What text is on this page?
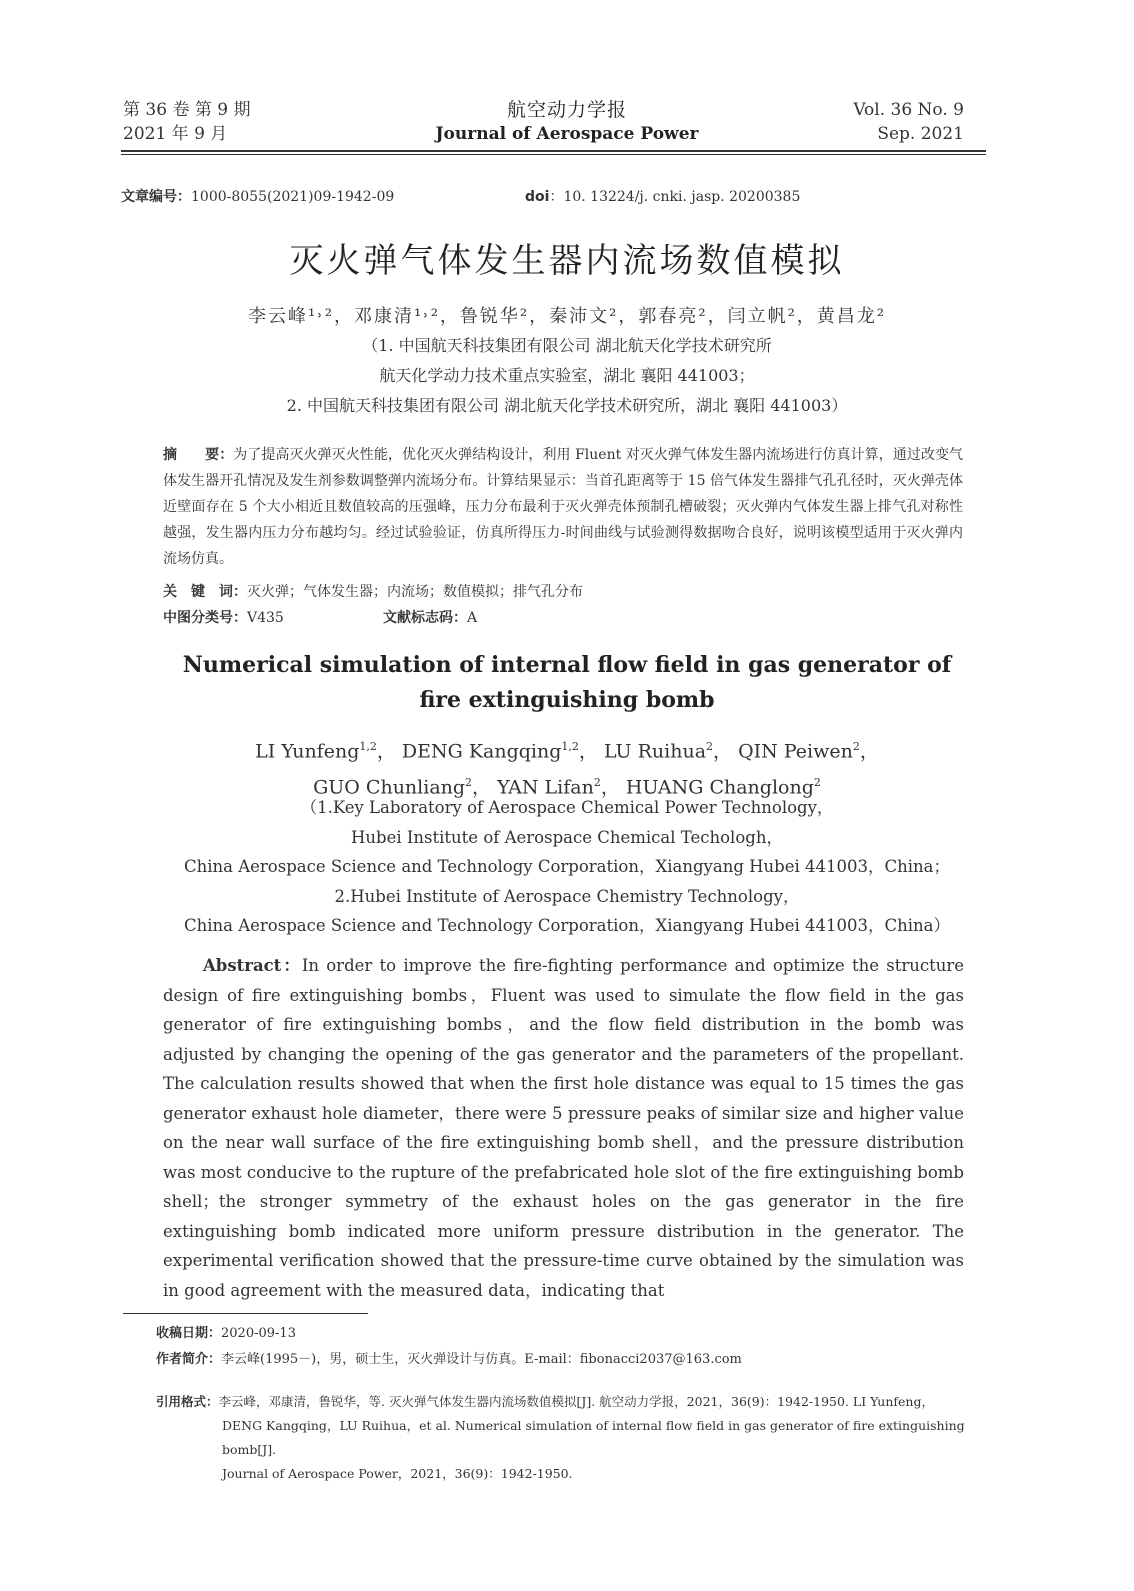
第 36 卷 第 9 期
2021 年 9 月
航空动力学报
Journal of Aerospace Power
Vol. 36 No. 9
Sep. 2021
文章编号：1000-8055(2021)09-1942-09	doi：10. 13224/j. cnki. jasp. 20200385
灭火弹气体发生器内流场数值模拟
李云峰¹˒²，邓康清¹˒²，鲁锐华²，秦沛文²，郭春亮²，闫立帆²，黄昌龙²
（1. 中国航天科技集团有限公司 湖北航天化学技术研究所
航天化学动力技术重点实验室，湖北 襄阳 441003；
2. 中国航天科技集团有限公司 湖北航天化学技术研究所，湖北 襄阳 441003）
摘　　要：为了提高灭火弹灭火性能，优化灭火弹结构设计，利用 Fluent 对灭火弹气体发生器内流场进行仿真计算，通过改变气体发生器开孔情况及发生剂参数调整弹内流场分布。计算结果显示：当首孔距离等于 15 倍气体发生器排气孔孔径时，灭火弹壳体近壁面存在 5 个大小相近且数值较高的压强峰，压力分布最利于灭火弹壳体预制孔槽破裂；灭火弹内气体发生器上排气孔对称性越强，发生器内压力分布越均匀。经过试验验证，仿真所得压力-时间曲线与试验测得数据吻合良好，说明该模型适用于灭火弹内流场仿真。
关　键　词：灭火弹；气体发生器；内流场；数值模拟；排气孔分布
中图分类号：V435	文献标志码：A
Numerical simulation of internal flow field in gas generator of
fire extinguishing bomb
LI Yunfeng$^{1,2}$， DENG Kangqing$^{1,2}$， LU Ruihua$^2$， QIN Peiwen$^2$，
GUO Chunliang$^2$， YAN Lifan$^2$， HUANG Changlong$^2$
（1.Key Laboratory of Aerospace Chemical Power Technology，
Hubei Institute of Aerospace Chemical Techologh，
China Aerospace Science and Technology Corporation，Xiangyang Hubei 441003，China；
2.Hubei Institute of Aerospace Chemistry Technology，
China Aerospace Science and Technology Corporation，Xiangyang Hubei 441003，China）

Abstract：In order to improve the fire-fighting performance and optimize the structure design of fire extinguishing bombs，Fluent was used to simulate the flow field in the gas generator of fire extinguishing bombs，and the flow field distribution in the bomb was adjusted by changing the opening of the gas generator and the parameters of the propellant. The calculation results showed that when the first hole distance was equal to 15 times the gas generator exhaust hole diameter，there were 5 pressure peaks of similar size and higher value on the near wall surface of the fire extinguishing bomb shell，and the pressure distribution was most conducive to the rupture of the prefabricated hole slot of the fire extinguishing bomb shell；the stronger symmetry of the exhaust holes on the gas generator in the fire extinguishing bomb indicated more uniform pressure distribution in the generator. The experimental verification showed that the pressure-time curve obtained by the simulation was in good agreement with the measured data，indicating that

收稿日期：2020-09-13
作者简介：李云峰(1995－)，男，硕士生，灭火弹设计与仿真。E-mail：fibonacci2037@163.com
引用格式：李云峰，邓康清，鲁锐华，等. 灭火弹气体发生器内流场数值模拟[J]. 航空动力学报，2021，36(9)：1942-1950. LI Yunfeng，
DENG Kangqing，LU Ruihua，et al. Numerical simulation of internal flow field in gas generator of fire extinguishing bomb[J].
Journal of Aerospace Power，2021，36(9)：1942-1950.
